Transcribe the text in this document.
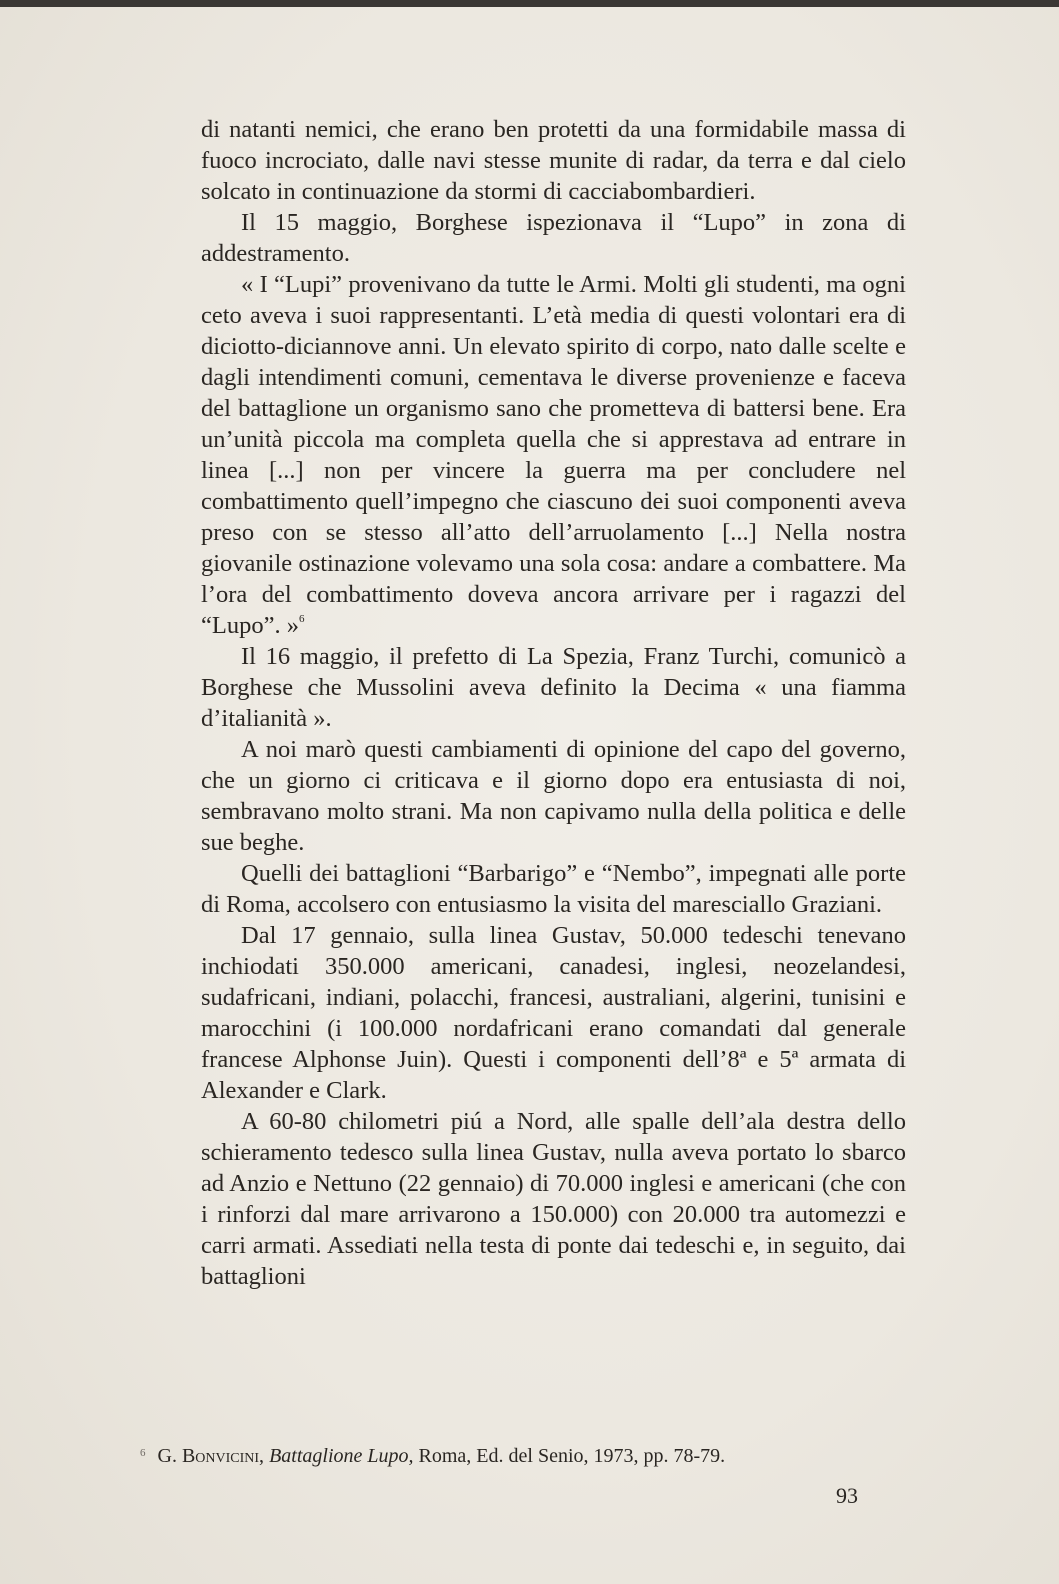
di natanti nemici, che erano ben protetti da una formidabile massa di fuoco incrociato, dalle navi stesse munite di radar, da terra e dal cielo solcato in continuazione da stormi di cacciabombardieri.

Il 15 maggio, Borghese ispezionava il “Lupo” in zona di addestramento.

« I “Lupi” provenivano da tutte le Armi. Molti gli studenti, ma ogni ceto aveva i suoi rappresentanti. L’età media di questi volontari era di diciotto-diciannove anni. Un elevato spirito di corpo, nato dalle scelte e dagli intendimenti comuni, cementava le diverse provenienze e faceva del battaglione un organismo sano che prometteva di battersi bene. Era un’unità piccola ma completa quella che si apprestava ad entrare in linea [...] non per vincere la guerra ma per concludere nel combattimento quell’impegno che ciascuno dei suoi componenti aveva preso con se stesso all’atto dell’arruolamento [...] Nella nostra giovanile ostinazione volevamo una sola cosa: andare a combattere. Ma l’ora del combattimento doveva ancora arrivare per i ragazzi del “Lupo”. »$^6$

Il 16 maggio, il prefetto di La Spezia, Franz Turchi, comunicò a Borghese che Mussolini aveva definito la Decima « una fiamma d’italianità ».

A noi marò questi cambiamenti di opinione del capo del governo, che un giorno ci criticava e il giorno dopo era entusiasta di noi, sembravano molto strani. Ma non capivamo nulla della politica e delle sue beghe.

Quelli dei battaglioni “Barbarigo” e “Nembo”, impegnati alle porte di Roma, accolsero con entusiasmo la visita del maresciallo Graziani.

Dal 17 gennaio, sulla linea Gustav, 50.000 tedeschi tenevano inchiodati 350.000 americani, canadesi, inglesi, neozelandesi, sudafricani, indiani, polacchi, francesi, australiani, algerini, tunisini e marocchini (i 100.000 nordafricani erano comandati dal generale francese Alphonse Juin). Questi i componenti dell’8ª e 5ª armata di Alexander e Clark.

A 60-80 chilometri piú a Nord, alle spalle dell’ala destra dello schieramento tedesco sulla linea Gustav, nulla aveva portato lo sbarco ad Anzio e Nettuno (22 gennaio) di 70.000 inglesi e americani (che con i rinforzi dal mare arrivarono a 150.000) con 20.000 tra automezzi e carri armati. Assediati nella testa di ponte dai tedeschi e, in seguito, dai battaglioni

$^6$ G. Bonvicini, Battaglione Lupo, Roma, Ed. del Senio, 1973, pp. 78-79.

93
